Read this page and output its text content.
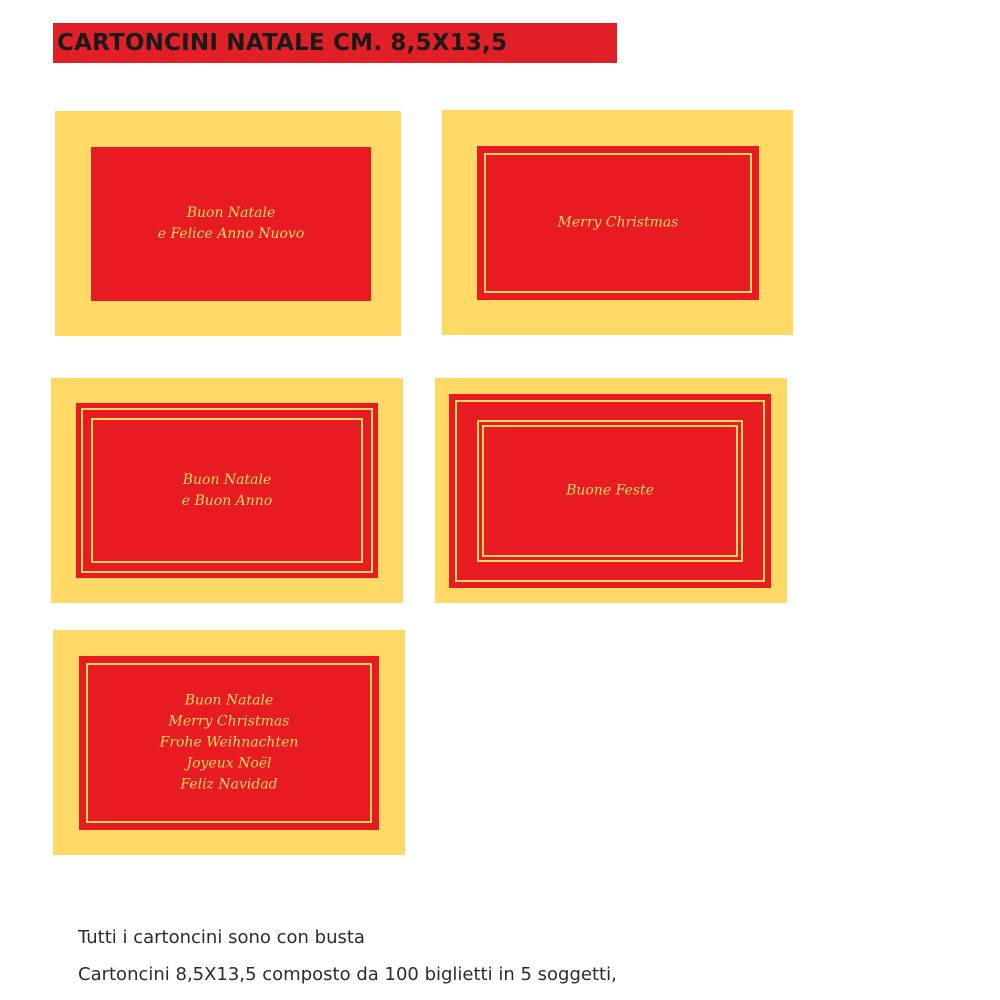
CARTONCINI NATALE CM. 8,5X13,5
Buon Natale
e Felice Anno Nuovo
Merry Christmas
Buon Natale
e Buon Anno
Buone Feste
Buon Natale
Merry Christmas
Frohe Weihnachten
Joyeux Noël
Feliz Navidad
Tutti i cartoncini sono con busta
Cartoncini 8,5X13,5 composto da 100 biglietti in 5 soggetti,
